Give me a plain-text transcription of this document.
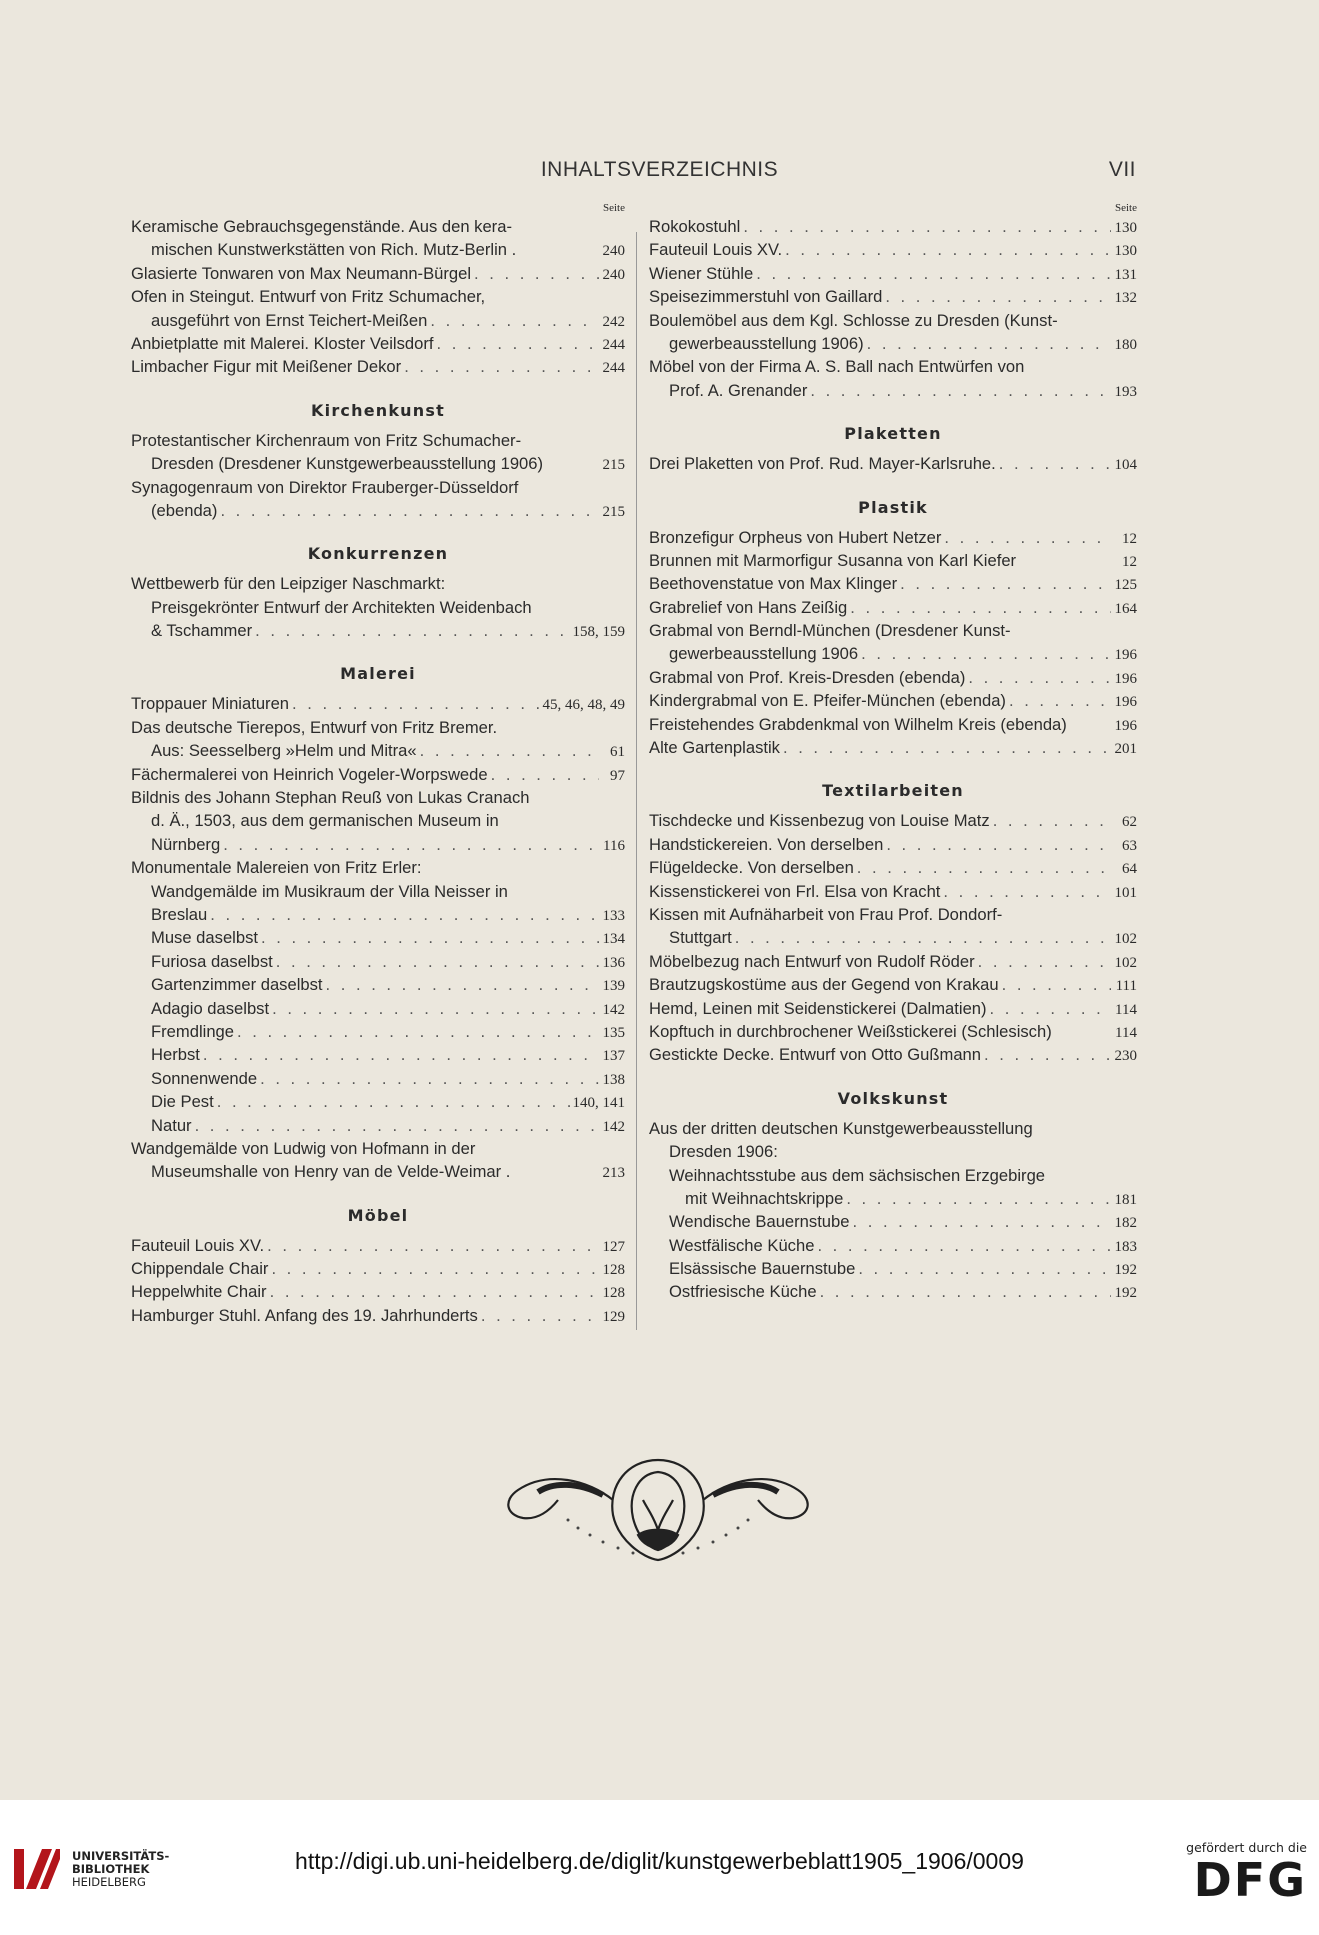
INHALTSVERZEICHNIS	VII
Seite
Keramische Gebrauchsgegenstände. Aus den kera-
mischen Kunstwerkstätten von Rich. Mutz-Berlin .	240
Glasierte Tonwaren von Max Neumann-Bürgel . . .	240
Ofen in Steingut. Entwurf von Fritz Schumacher,
ausgeführt von Ernst Teichert-Meißen . . .	242
Anbietplatte mit Malerei. Kloster Veilsdorf . . .	244
Limbacher Figur mit Meißener Dekor . . .	244
Kirchenkunst
Protestantischer Kirchenraum von Fritz Schumacher-
Dresden (Dresdener Kunstgewerbeausstellung 1906)	215
Synagogenraum von Direktor Frauberger-Düsseldorf
(ebenda) . . .	215
Konkurrenzen
Wettbewerb für den Leipziger Naschmarkt:
Preisgekrönter Entwurf der Architekten Weidenbach
& Tschammer . . .	158, 159
Malerei
Troppauer Miniaturen . . .	45, 46, 48, 49
Das deutsche Tierepos, Entwurf von Fritz Bremer.
Aus: Seesselberg »Helm und Mitra« . . .	61
Fächermalerei von Heinrich Vogeler-Worpswede . . .	97
Bildnis des Johann Stephan Reuß von Lukas Cranach
d. Ä., 1503, aus dem germanischen Museum in
Nürnberg . . .	116
Monumentale Malereien von Fritz Erler:
Wandgemälde im Musikraum der Villa Neisser in
Breslau . . .	133
Muse daselbst . . .	134
Furiosa daselbst . . .	136
Gartenzimmer daselbst . . .	139
Adagio daselbst . . .	142
Fremdlinge . . .	135
Herbst . . .	137
Sonnenwende . . .	138
Die Pest . . .	140, 141
Natur . . .	142
Wandgemälde von Ludwig von Hofmann in der
Museumshalle von Henry van de Velde-Weimar .	213
Möbel
Fauteuil Louis XV. . . .	127
Chippendale Chair . . .	128
Heppelwhite Chair . . .	128
Hamburger Stuhl. Anfang des 19. Jahrhunderts . . .	129
Seite
Rokokostuhl . . .	130
Fauteuil Louis XV. . . .	130
Wiener Stühle . . .	131
Speisezimmerstuhl von Gaillard . . .	132
Boulemöbel aus dem Kgl. Schlosse zu Dresden (Kunst-
gewerbeausstellung 1906) . . .	180
Möbel von der Firma A. S. Ball nach Entwürfen von
Prof. A. Grenander . . .	193
Plaketten
Drei Plaketten von Prof. Rud. Mayer-Karlsruhe. . . .	104
Plastik
Bronzefigur Orpheus von Hubert Netzer . . .	12
Brunnen mit Marmorfigur Susanna von Karl Kiefer	12
Beethovenstatue von Max Klinger . . .	125
Grabrelief von Hans Zeißig . . .	164
Grabmal von Berndl-München (Dresdener Kunst-
gewerbeausstellung 1906 . . .	196
Grabmal von Prof. Kreis-Dresden (ebenda) . . .	196
Kindergrabmal von E. Pfeifer-München (ebenda) . . .	196
Freistehendes Grabdenkmal von Wilhelm Kreis (ebenda)	196
Alte Gartenplastik . . .	201
Textilarbeiten
Tischdecke und Kissenbezug von Louise Matz . . .	62
Handstickereien. Von derselben . . .	63
Flügeldecke. Von derselben . . .	64
Kissenstickerei von Frl. Elsa von Kracht . . .	101
Kissen mit Aufnäharbeit von Frau Prof. Dondorf-
Stuttgart . . .	102
Möbelbezug nach Entwurf von Rudolf Röder . . .	102
Brautzugskostüme aus der Gegend von Krakau . . .	111
Hemd, Leinen mit Seidenstickerei (Dalmatien) . . .	114
Kopftuch in durchbrochener Weißstickerei (Schlesisch)	114
Gestickte Decke. Entwurf von Otto Gußmann . . .	230
Volkskunst
Aus der dritten deutschen Kunstgewerbeausstellung
Dresden 1906:
Weihnachtsstube aus dem sächsischen Erzgebirge
mit Weihnachtskrippe . . .	181
Wendische Bauernstube . . .	182
Westfälische Küche . . .	183
Elsässische Bauernstube . . .	192
Ostfriesische Küche . . .	192
http://digi.ub.uni-heidelberg.de/diglit/kunstgewerbeblatt1905_1906/0009
UNIVERSITÄTS-
BIBLIOTHEK
HEIDELBERG
gefördert durch die
DFG
